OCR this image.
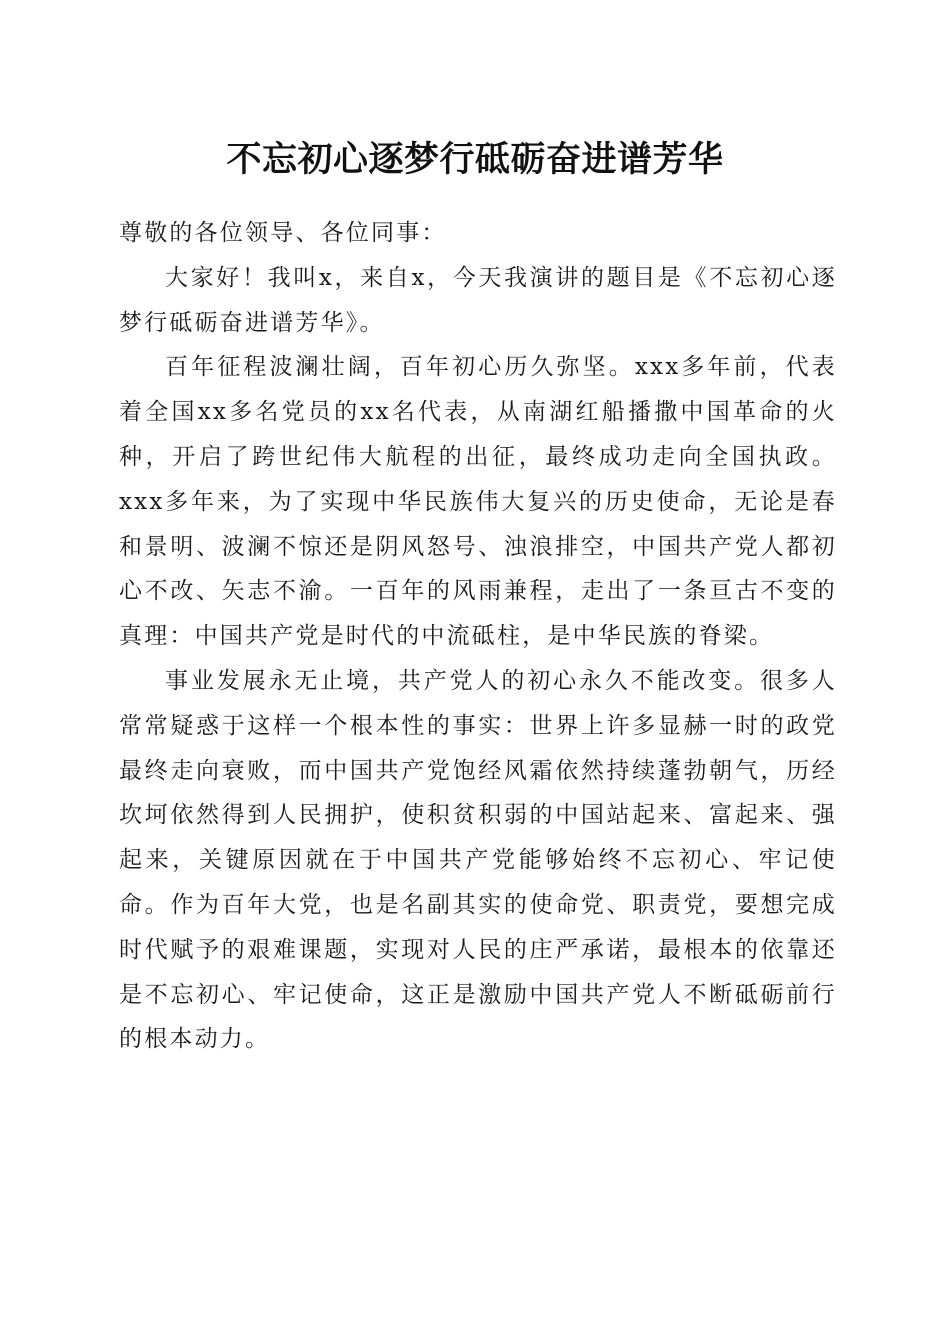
不忘初心逐梦行砥砺奋进谱芳华

尊敬的各位领导、各位同事：

大家好！我叫x，来自x，今天我演讲的题目是《不忘初心逐梦行砥砺奋进谱芳华》。

百年征程波澜壮阔，百年初心历久弥坚。xxx多年前，代表着全国xx多名党员的xx名代表，从南湖红船播撒中国革命的火种，开启了跨世纪伟大航程的出征，最终成功走向全国执政。xxx多年来，为了实现中华民族伟大复兴的历史使命，无论是春和景明、波澜不惊还是阴风怒号、浊浪排空，中国共产党人都初心不改、矢志不渝。一百年的风雨兼程，走出了一条亘古不变的真理：中国共产党是时代的中流砥柱，是中华民族的脊梁。

事业发展永无止境，共产党人的初心永久不能改变。很多人常常疑惑于这样一个根本性的事实：世界上许多显赫一时的政党最终走向衰败，而中国共产党饱经风霜依然持续蓬勃朝气，历经坎坷依然得到人民拥护，使积贫积弱的中国站起来、富起来、强起来，关键原因就在于中国共产党能够始终不忘初心、牢记使命。作为百年大党，也是名副其实的使命党、职责党，要想完成时代赋予的艰难课题，实现对人民的庄严承诺，最根本的依靠还是不忘初心、牢记使命，这正是激励中国共产党人不断砥砺前行的根本动力。
